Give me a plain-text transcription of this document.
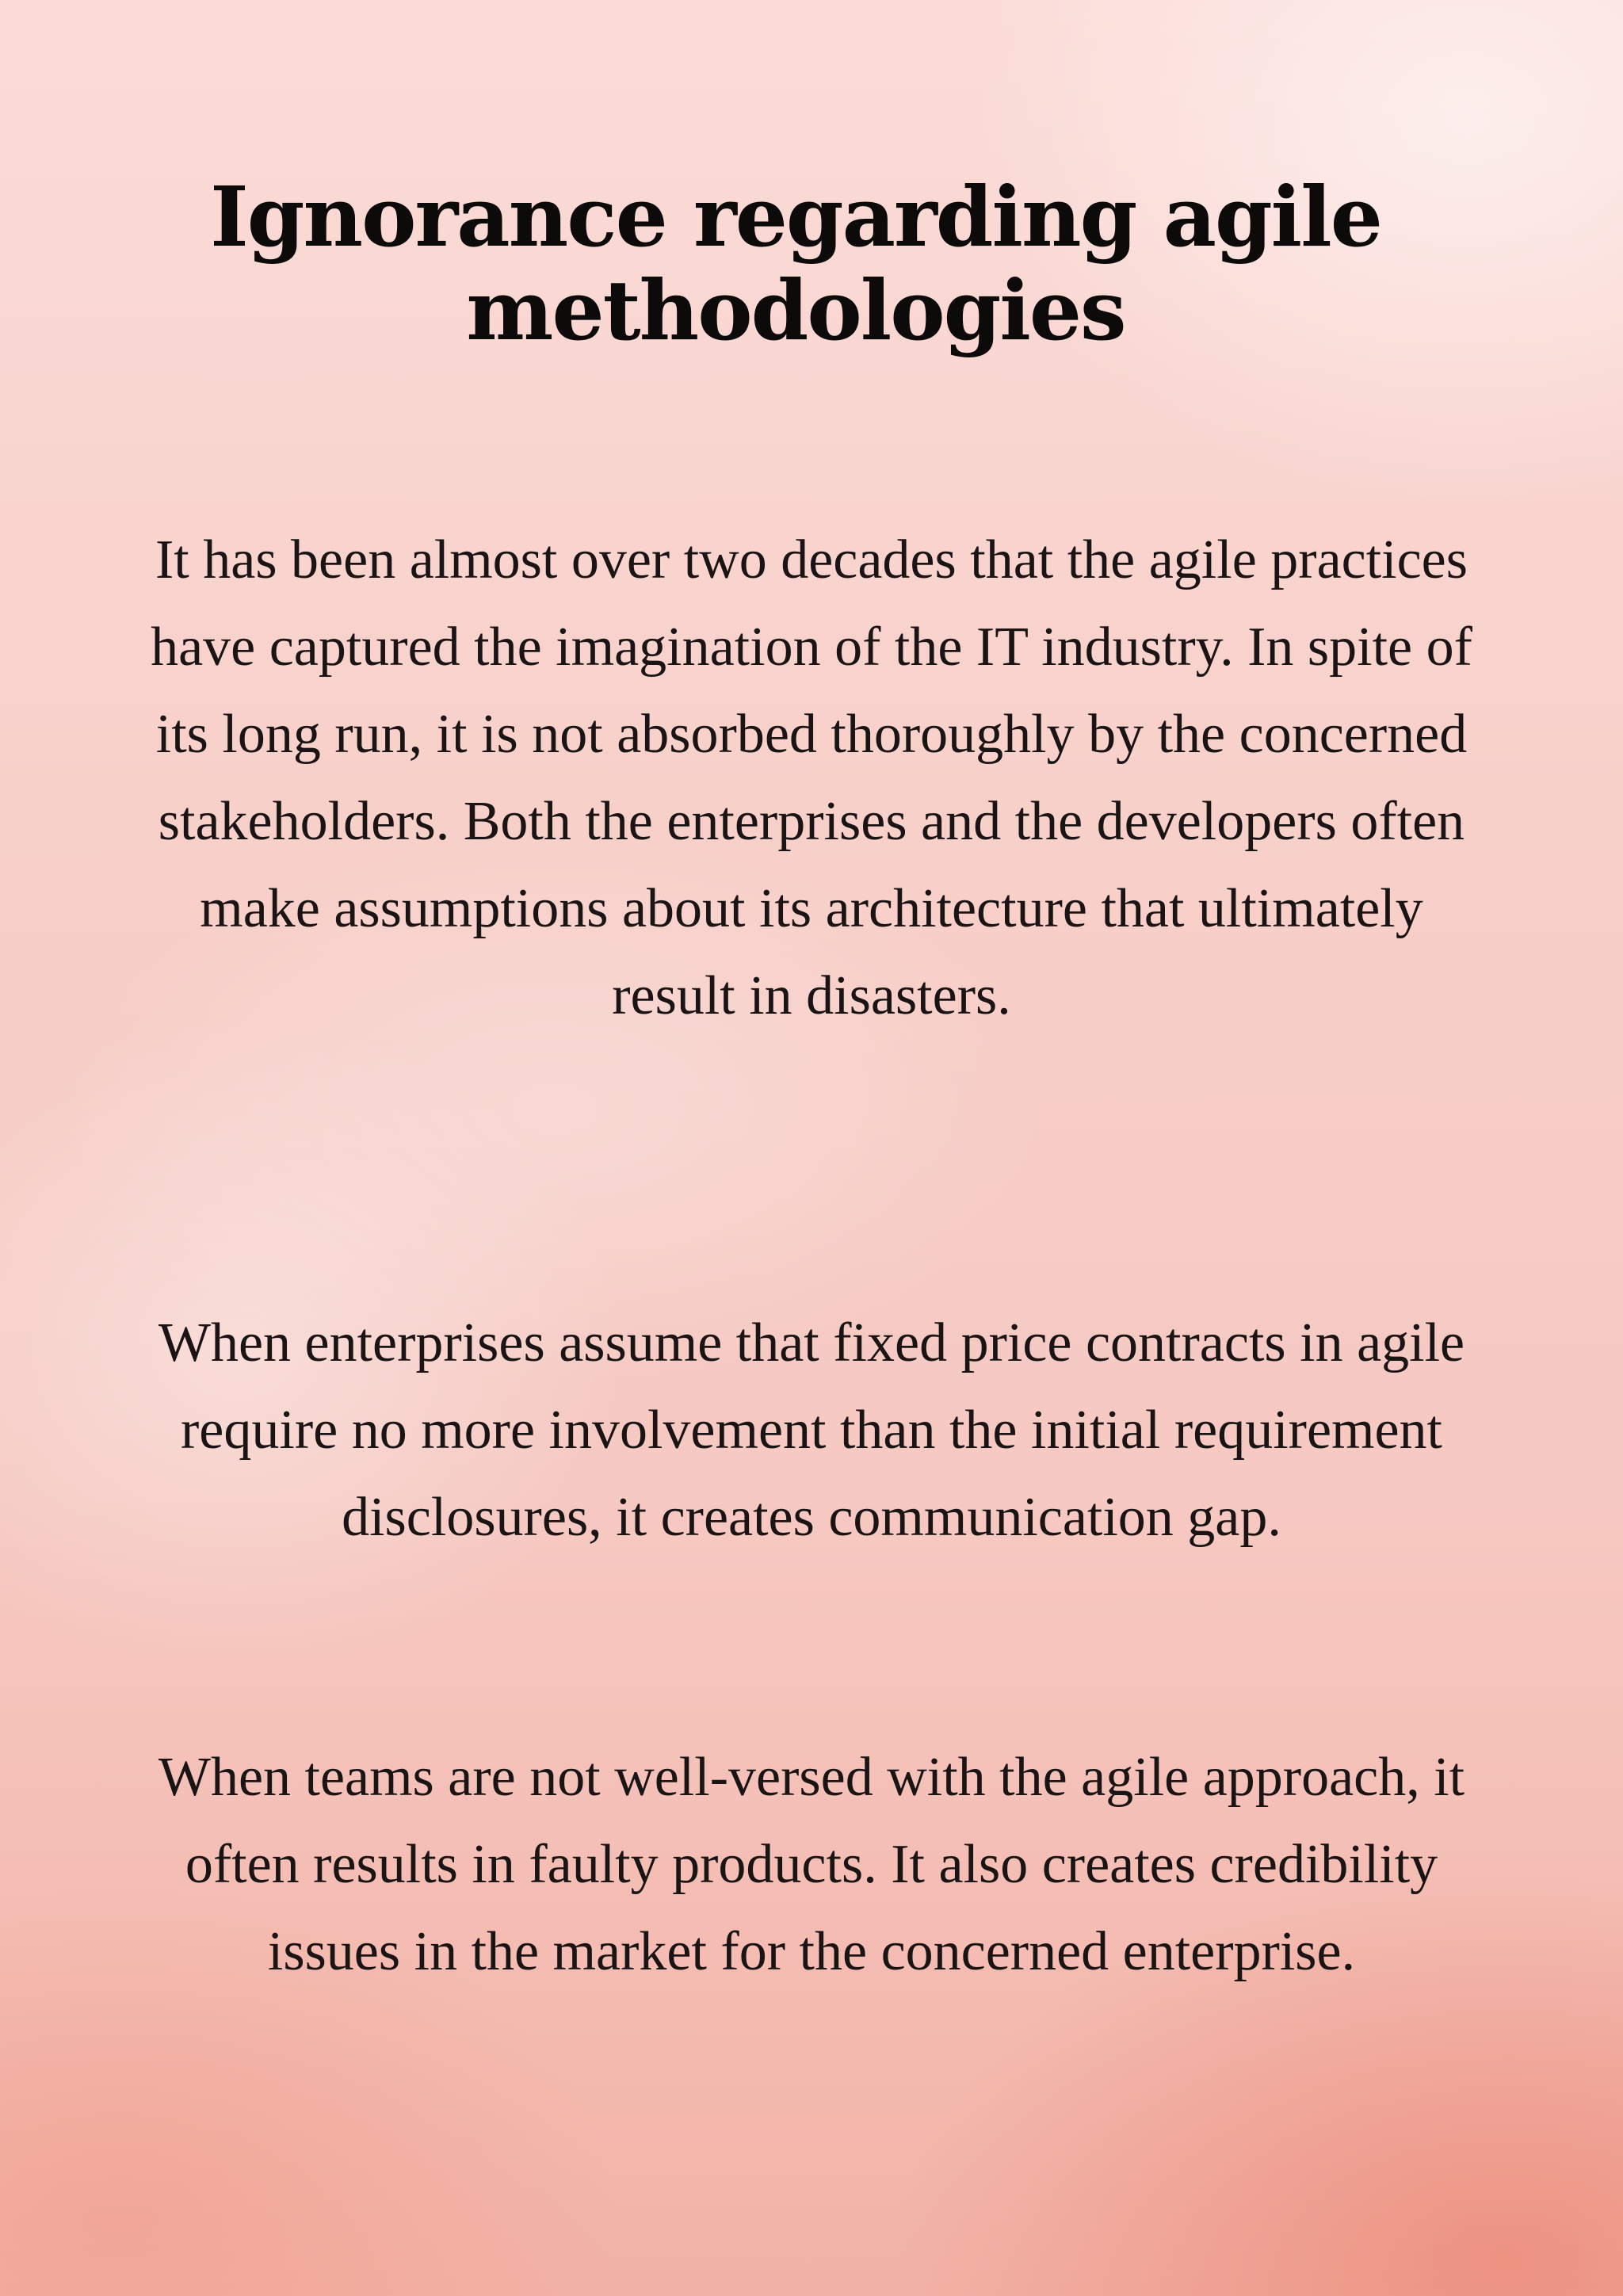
Ignorance regarding agile methodologies

It has been almost over two decades that the agile practices have captured the imagination of the IT industry. In spite of its long run, it is not absorbed thoroughly by the concerned stakeholders. Both the enterprises and the developers often make assumptions about its architecture that ultimately result in disasters.

When enterprises assume that fixed price contracts in agile require no more involvement than the initial requirement disclosures, it creates communication gap.

When teams are not well-versed with the agile approach, it often results in faulty products. It also creates credibility issues in the market for the concerned enterprise.
